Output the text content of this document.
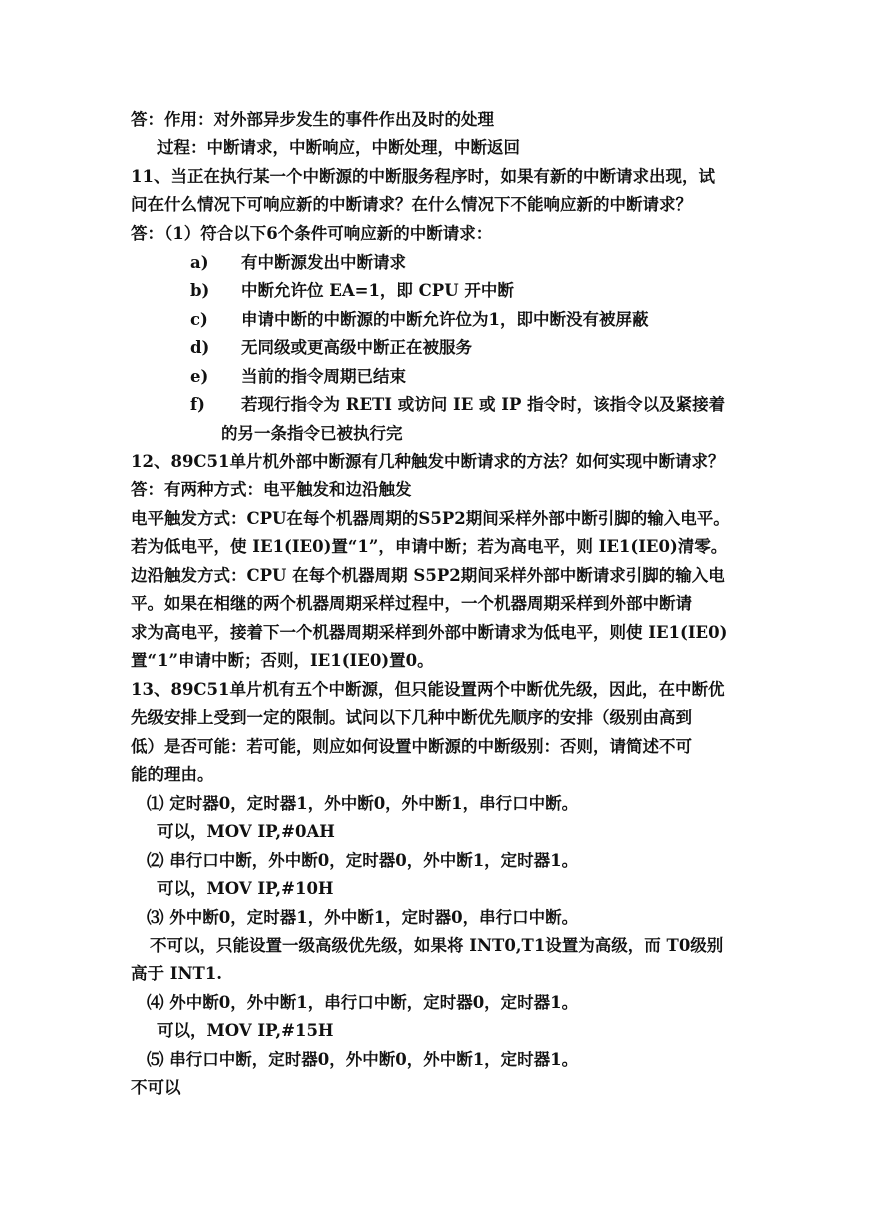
答：作用：对外部异步发生的事件作出及时的处理
过程：中断请求，中断响应，中断处理，中断返回
11、当正在执行某一个中断源的中断服务程序时，如果有新的中断请求出现，试
问在什么情况下可响应新的中断请求？在什么情况下不能响应新的中断请求？
答：（1）符合以下6个条件可响应新的中断请求：
a) 有中断源发出中断请求
b) 中断允许位 EA=1，即 CPU 开中断
c) 申请中断的中断源的中断允许位为1，即中断没有被屏蔽
d) 无同级或更高级中断正在被服务
e) 当前的指令周期已结束
f) 若现行指令为 RETI 或访问 IE 或 IP 指令时，该指令以及紧接着
的另一条指令已被执行完
12、89C51单片机外部中断源有几种触发中断请求的方法？如何实现中断请求？
答：有两种方式：电平触发和边沿触发
电平触发方式：CPU在每个机器周期的S5P2期间采样外部中断引脚的输入电平。
若为低电平，使 IE1(IE0)置“1”，申请中断；若为高电平，则 IE1(IE0)清零。
边沿触发方式：CPU 在每个机器周期 S5P2期间采样外部中断请求引脚的输入电
平。如果在相继的两个机器周期采样过程中，一个机器周期采样到外部中断请
求为高电平，接着下一个机器周期采样到外部中断请求为低电平，则使 IE1(IE0)
置“1”申请中断；否则，IE1(IE0)置0。
13、89C51单片机有五个中断源，但只能设置两个中断优先级，因此，在中断优
先级安排上受到一定的限制。试问以下几种中断优先顺序的安排（级别由高到
低）是否可能：若可能，则应如何设置中断源的中断级别：否则，请简述不可
能的理由。
⑴ 定时器0，定时器1，外中断0，外中断1，串行口中断。
可以，MOV IP,#0AH
⑵ 串行口中断，外中断0，定时器0，外中断1，定时器1。
可以，MOV IP,#10H
⑶ 外中断0，定时器1，外中断1，定时器0，串行口中断。
不可以，只能设置一级高级优先级，如果将 INT0,T1设置为高级，而 T0级别
高于 INT1.
⑷ 外中断0，外中断1，串行口中断，定时器0，定时器1。
可以，MOV IP,#15H
⑸ 串行口中断，定时器0，外中断0，外中断1，定时器1。
不可以
